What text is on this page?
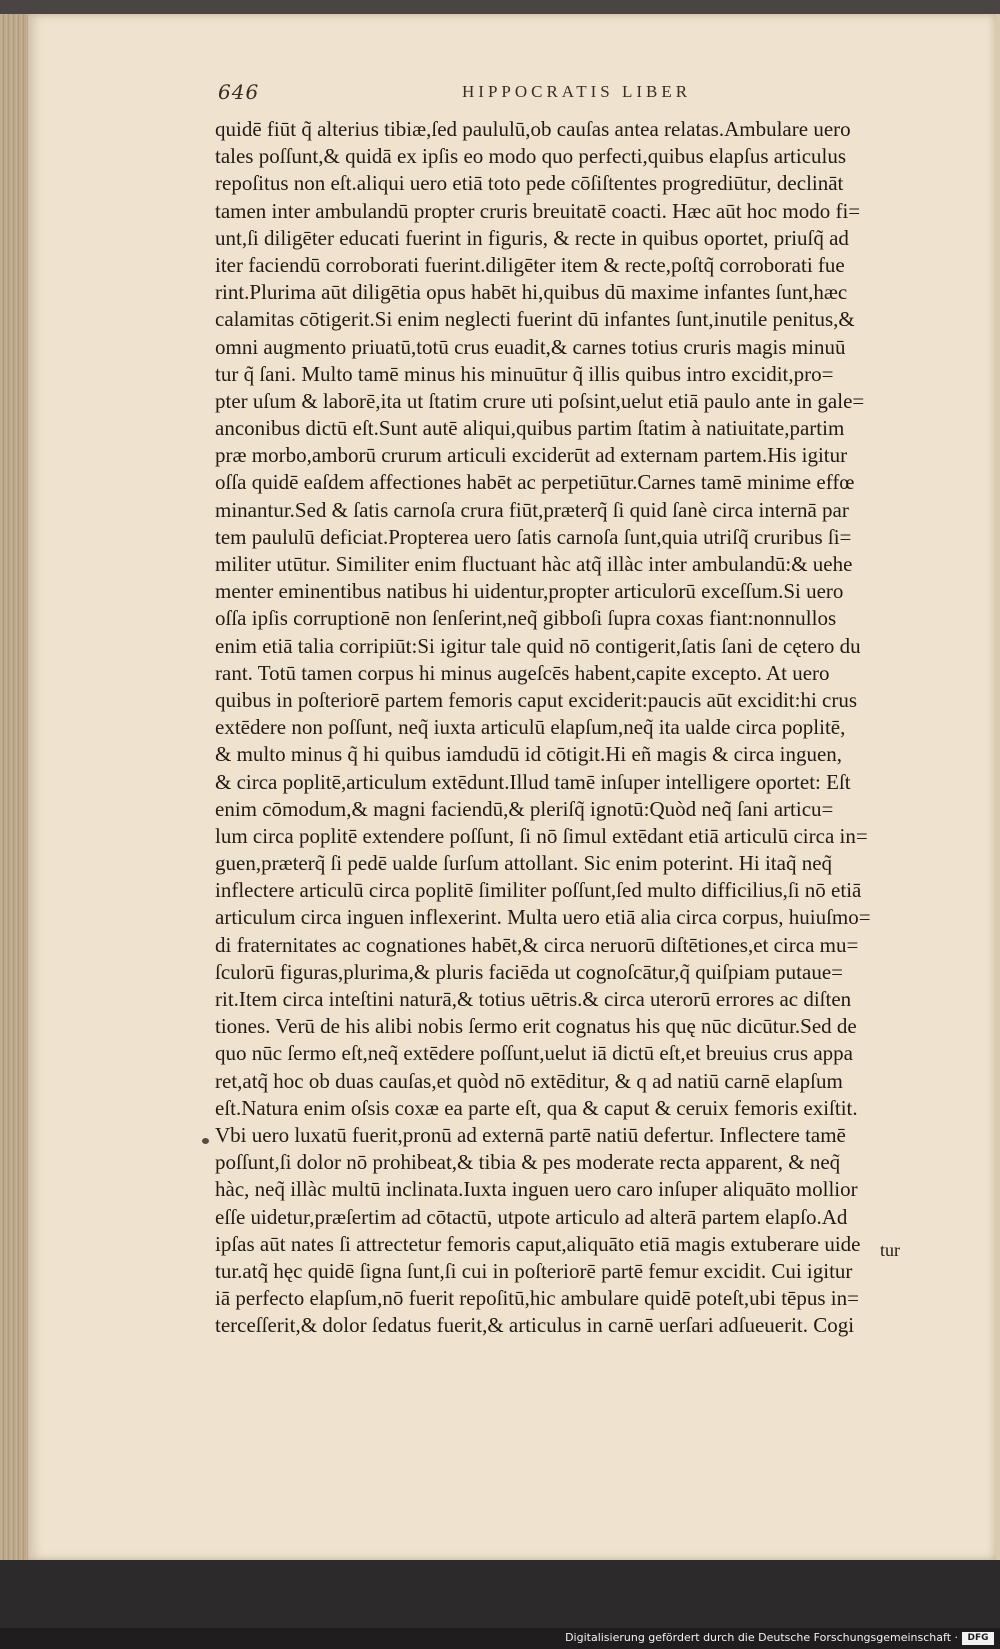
646	HIPPOCRATIS LIBER
quidē fiūt q̃ alterius tibiæ,ſed paululū,ob cauſas antea relatas.Ambulare uero
tales poſſunt,& quidā ex ipſis eo modo quo perfecti,quibus elapſus articulus
repoſitus non eſt.aliqui uero etiā toto pede cōſiſtentes progrediūtur, declināt
tamen inter ambulandū propter cruris breuitatē coacti. Hæc aūt hoc modo fi=
unt,ſi diligēter educati fuerint in figuris, & recte in quibus oportet, priuſq̃ ad
iter faciendū corroborati fuerint.diligēter item & recte,poſtq̃ corroborati fue
rint.Plurima aūt diligētia opus habēt hi,quibus dū maxime infantes ſunt,hæc
calamitas cōtigerit.Si enim neglecti fuerint dū infantes ſunt,inutile penitus,&
omni augmento priuatū,totū crus euadit,& carnes totius cruris magis minuū
tur q̃ ſani. Multo tamē minus his minuūtur q̃ illis quibus intro excidit,pro=
pter uſum & laborē,ita ut ſtatim crure uti poſsint,uelut etiā paulo ante in gale=
anconibus dictū eſt.Sunt autē aliqui,quibus partim ſtatim à natiuitate,partim
præ morbo,amborū crurum articuli exciderūt ad externam partem.His igitur
oſſa quidē eaſdem affectiones habēt ac perpetiūtur.Carnes tamē minime effœ
minantur.Sed & ſatis carnoſa crura fiūt,præterq̃ ſi quid ſanè circa internā par
tem paululū deficiat.Propterea uero ſatis carnoſa ſunt,quia utriſq̃ cruribus ſi=
militer utūtur. Similiter enim fluctuant hàc atq̃ illàc inter ambulandū:& uehe
menter eminentibus natibus hi uidentur,propter articulorū exceſſum.Si uero
oſſa ipſis corruptionē non ſenſerint,neq̃ gibboſi ſupra coxas fiant:nonnullos
enim etiā talia corripiūt:Si igitur tale quid nō contigerit,ſatis ſani de cętero du
rant. Totū tamen corpus hi minus augeſcēs habent,capite excepto. At uero
quibus in poſteriorē partem femoris caput exciderit:paucis aūt excidit:hi crus
extēdere non poſſunt, neq̃ iuxta articulū elapſum,neq̃ ita ualde circa poplitē,
& multo minus q̃ hi quibus iamdudū id cōtigit.Hi eñ magis & circa inguen,
& circa poplitē,articulum extēdunt.Illud tamē inſuper intelligere oportet: Eſt
enim cōmodum,& magni faciendū,& pleriſq̃ ignotū:Quòd neq̃ ſani articu=
lum circa poplitē extendere poſſunt, ſi nō ſimul extēdant etiā articulū circa in=
guen,præterq̃ ſi pedē ualde ſurſum attollant. Sic enim poterint. Hi itaq̃ neq̃
inflectere articulū circa poplitē ſimiliter poſſunt,ſed multo difficilius,ſi nō etiā
articulum circa inguen inflexerint. Multa uero etiā alia circa corpus, huiuſmo=
di fraternitates ac cognationes habēt,& circa neruorū diſtētiones,et circa mu=
ſculorū figuras,plurima,& pluris faciēda ut cognoſcātur,q̃ quiſpiam putaue=
rit.Item circa inteſtini naturā,& totius uētris.& circa uterorū errores ac diſten
tiones. Verū de his alibi nobis ſermo erit cognatus his quę nūc dicūtur.Sed de
quo nūc ſermo eſt,neq̃ extēdere poſſunt,uelut iā dictū eſt,et breuius crus appa
ret,atq̃ hoc ob duas cauſas,et quòd nō extēditur, & q ad natiū carnē elapſum
eſt.Natura enim oſsis coxæ ea parte eſt, qua & caput & ceruix femoris exiſtit.
Vbi uero luxatū fuerit,pronū ad externā partē natiū defertur. Inflectere tamē
poſſunt,ſi dolor nō prohibeat,& tibia & pes moderate recta apparent, & neq̃
hàc, neq̃ illàc multū inclinata.Iuxta inguen uero caro inſuper aliquāto mollior
eſſe uidetur,præſertim ad cōtactū, utpote articulo ad alterā partem elapſo.Ad
ipſas aūt nates ſi attrectetur femoris caput,aliquāto etiā magis extuberare uide
tur.atq̃ hęc quidē ſigna ſunt,ſi cui in poſteriorē partē femur excidit. Cui igitur
iā perfecto elapſum,nō fuerit repoſitū,hic ambulare quidē poteſt,ubi tēpus in=
terceſſerit,& dolor ſedatus fuerit,& articulus in carnē uerſari adſueuerit. Cogi
tur
Digitalisierung gefördert durch die Deutsche Forschungsgemeinschaft ·	DFG
